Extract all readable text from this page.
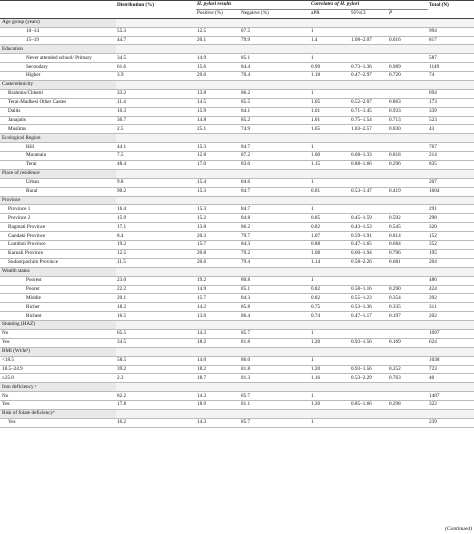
	Distribution (%)	H. pylori results		Correlates of H. pylori			Total (N)
		Positive (%)	Negative (%)	aPR	95%CI	P	
Age group (years)							
10–14	55.3	12.5	87.5	1			994
15–19	44.7	20.1	79.9	1.4	1.08–2.07	0.016	817
Education							
Never attended school/ Primary	34.5	14.9	85.1	1			587
Secondary	61.6	15.6	84.4	0.99	0.73–1.36	0.989	1149
Higher	3.9	29.6	70.4	1.18	0.47–2.97	0.720	74
Caste/ethnicity							
Brahmin/Chhetri	33.2	13.8	86.2	1			694
Terai-Madhesi Other Castes	11.4	14.5	85.5	1.05	0.52–2.07	0.863	173
Dalits	16.3	15.9	84.1	1.01	0.71–1.45	0.933	339
Janajatis	36.7	14.8	85.2	1.01	0.75–1.54	0.713	523
Muslims	2.5	25.1	74.9	1.65	1.03–2.57	0.030	43
Ecological Region							
Hill	44.1	15.3	84.7	1			767
Mountain	7.5	12.8	87.2	1.00	0.68–1.33	0.818	214
Terai	48.4	17.0	83.0	1.15	0.88–1.66	0.296	835
Place of residence							
Urban	9.8	15.4	84.6	1			207
Rural	90.2	15.3	84.7	0.81	0.53–1.47	0.419	1604
Province							
Province 1	16.4	15.3	84.7	1			291
Province 2	15.9	15.2	84.8	0.85	0.45–1.59	0.592	298
Bagmati Province	17.1	13.8	86.2	0.82	0.43–1.53	0.545	320
Gandaki Province	8.4	20.3	79.7	1.07	0.59–1.91	0.814	152
Lumbini Province	19.2	15.7	84.3	0.88	0.47–1.65	0.684	352
Karnali Province	12.5	20.8	79.2	1.08	0.60–1.94	0.796	195
Sudoorpachim Province	11.5	20.6	79.4	1.14	0.58–2.26	0.681	204
Wealth status							
Poorest	23.0	19.2	80.8	1			486
Poorer	22.2	14.9	85.1	0.82	0.58–1.16	0.290	424
Middle	20.1	15.7	84.3	0.82	0.55–1.23	0.354	392
Richer	18.2	14.2	85.8	0.75	0.53–1.36	0.335	311
Richest	16.5	13.6	86.4	0.74	0.47–1.17	0.197	202
Stunting (HAZ)							
No	65.5	14.3	85.7	1			1097
Yes	34.5	18.2	81.8	1.20	0.93–1.56	0.169	624
BMI (Wt/ht²)							
<18.5	58.5	14.0	86.0	1			1038
18.5–24.9	39.2	18.2	81.8	1.20	0.93–1.56	0.252	723
≥25.0	2.3	18.7	81.3	1.16	0.53–2.29	0.763	40
Iron deficiency ᵃ							
No	82.2	14.3	85.7	1			1487
Yes	17.8	18.9	81.1	1.20	0.85–1.66	0.298	322
Risk of folate deficiencyᵇ							
Yes	16.2	14.3	85.7	1			239
(Continued)
